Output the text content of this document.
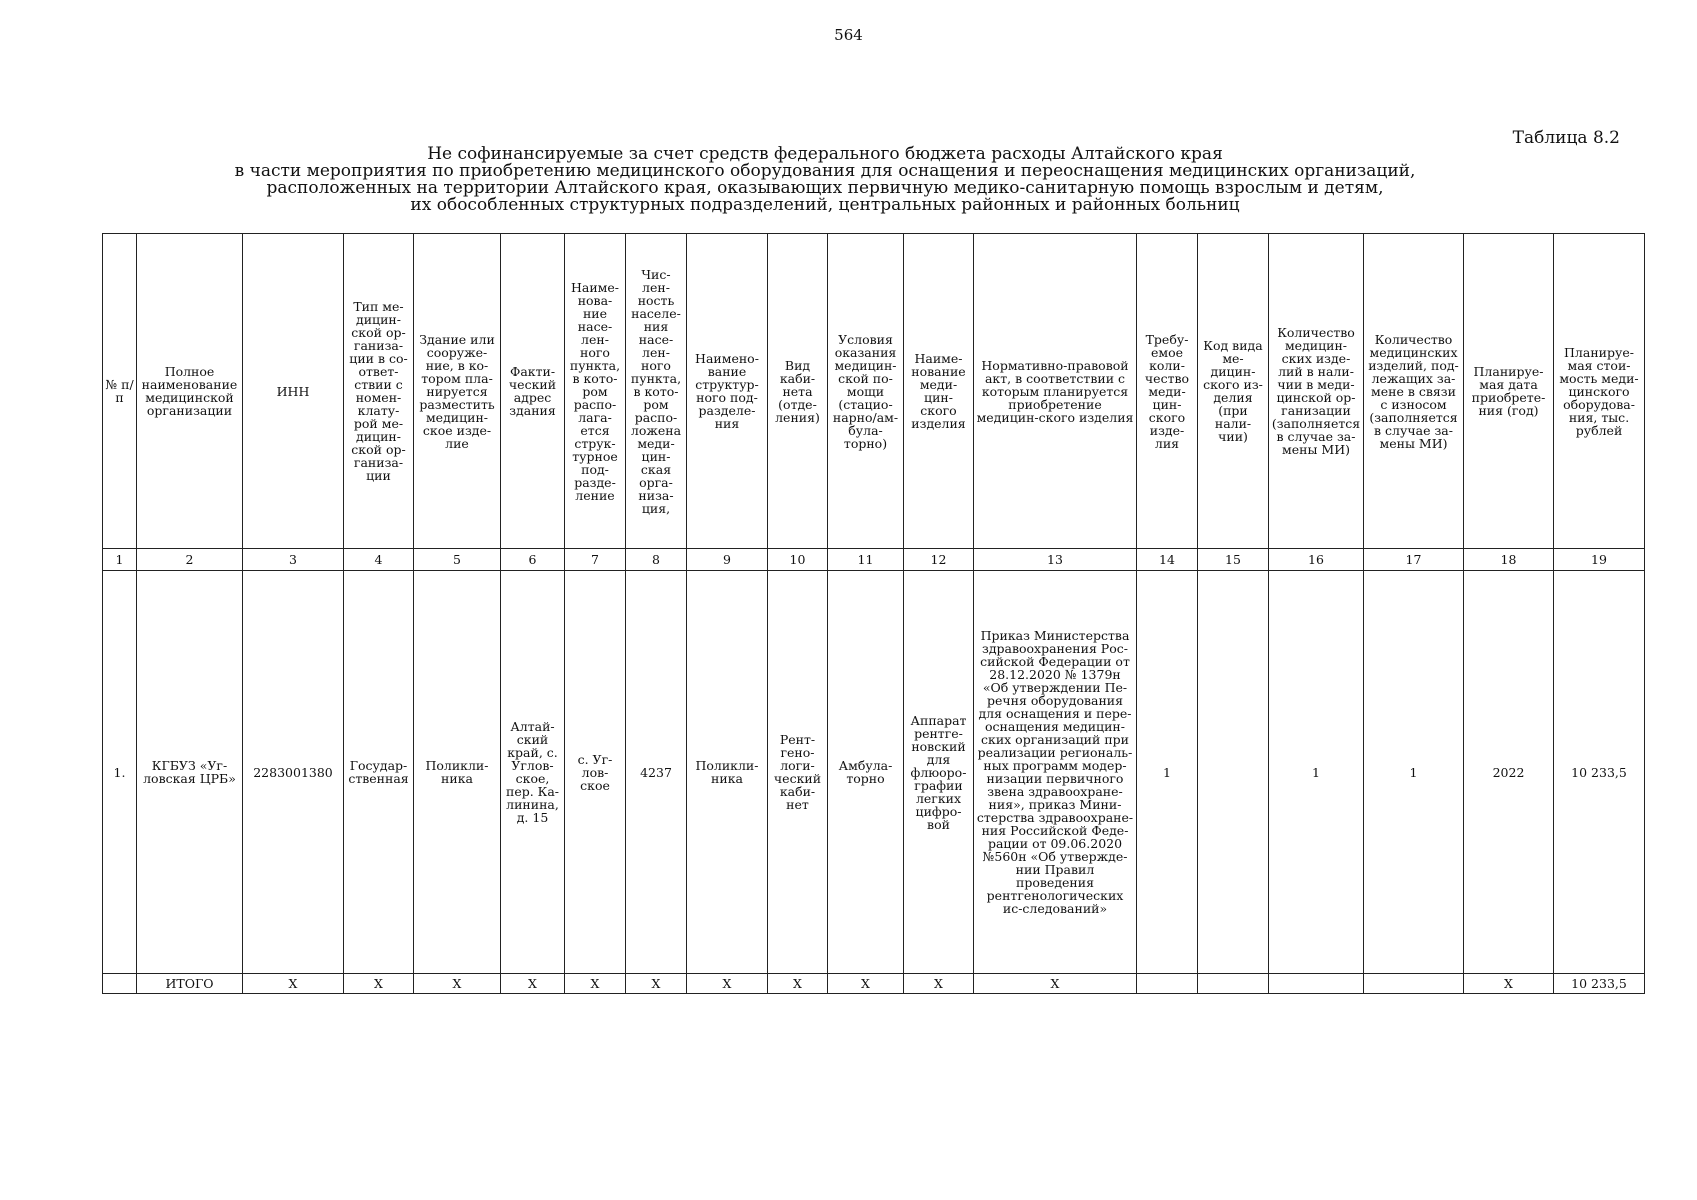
564
Таблица 8.2
Не софинансируемые за счет средств федерального бюджета расходы Алтайского края
в части мероприятия по приобретению медицинского оборудования для оснащения и переоснащения медицинских организаций,
расположенных на территории Алтайского края, оказывающих первичную медико-санитарную помощь взрослым и детям,
их обособленных структурных подразделений, центральных районных и районных больниц
№ п/п	Полное наименование медицинской организации	ИНН	Тип ме-дицин-ской ор-ганиза-ции в со-ответ-ствии с номен-клату-рой ме-дицин-ской ор-ганиза-ции	Здание или сооруже-ние, в ко-тором пла-нируется разместить медицин-ское изде-лие	Факти-ческий адрес здания	Наиме-нова-ние насе-лен-ного пункта, в кото-ром распо-лага-ется струк-турное под-разде-ление	Чис-лен-ность населе-ния насе-лен-ного пункта, в кото-ром распо-ложена меди-цин-ская орга-низа-ция,	Наимено-вание структур-ного под-разделе-ния	Вид каби-нета (отде-ления)	Условия оказания медицин-ской по-мощи (стацио-нарно/ам-була-торно)	Наиме-нование меди-цин-ского изделия	Нормативно-правовой акт, в соответствии с которым планируется приобретение медицин-ского изделия	Требу-емое коли-чество меди-цин-ского изде-лия	Код вида ме-дицин-ского из-делия (при нали-чии)	Количество медицин-ских изде-лий в нали-чии в меди-цинской ор-ганизации (заполняется в случае за-мены МИ)	Количество медицинских изделий, под-лежащих за-мене в связи с износом (заполняется в случае за-мены МИ)	Планируе-мая дата приобрете-ния (год)	Планируе-мая стои-мость меди-цинского оборудова-ния, тыс. рублей
1	2	3	4	5	6	7	8	9	10	11	12	13	14	15	16	17	18	19
1.	КГБУЗ «Уг-ловская ЦРБ»	2283001380	Государ-ственная	Поликли-ника	Алтай-ский край, с. Углов-ское, пер. Ка-линина, д. 15	с. Уг-лов-ское	4237	Поликли-ника	Рент-гено-логи-ческий каби-нет	Амбула-торно	Аппарат рентге-новский для флюоро-графии легких цифро-вой	Приказ Министерства здравоохранения Рос-сийской Федерации от 28.12.2020 № 1379н «Об утверждении Пе-речня оборудования для оснащения и пере-оснащения медицин-ских организаций при реализации региональ-ных программ модер-низации первичного звена здравоохране-ния», приказ Мини-стерства здравоохране-ния Российской Феде-рации от 09.06.2020 №560н «Об утвержде-нии Правил проведения рентгенологических ис-следований»	1		1	1	2022	10 233,5
	ИТОГО	Х	Х	Х	Х	Х	Х	Х	Х	Х	Х	Х					Х	10 233,5
